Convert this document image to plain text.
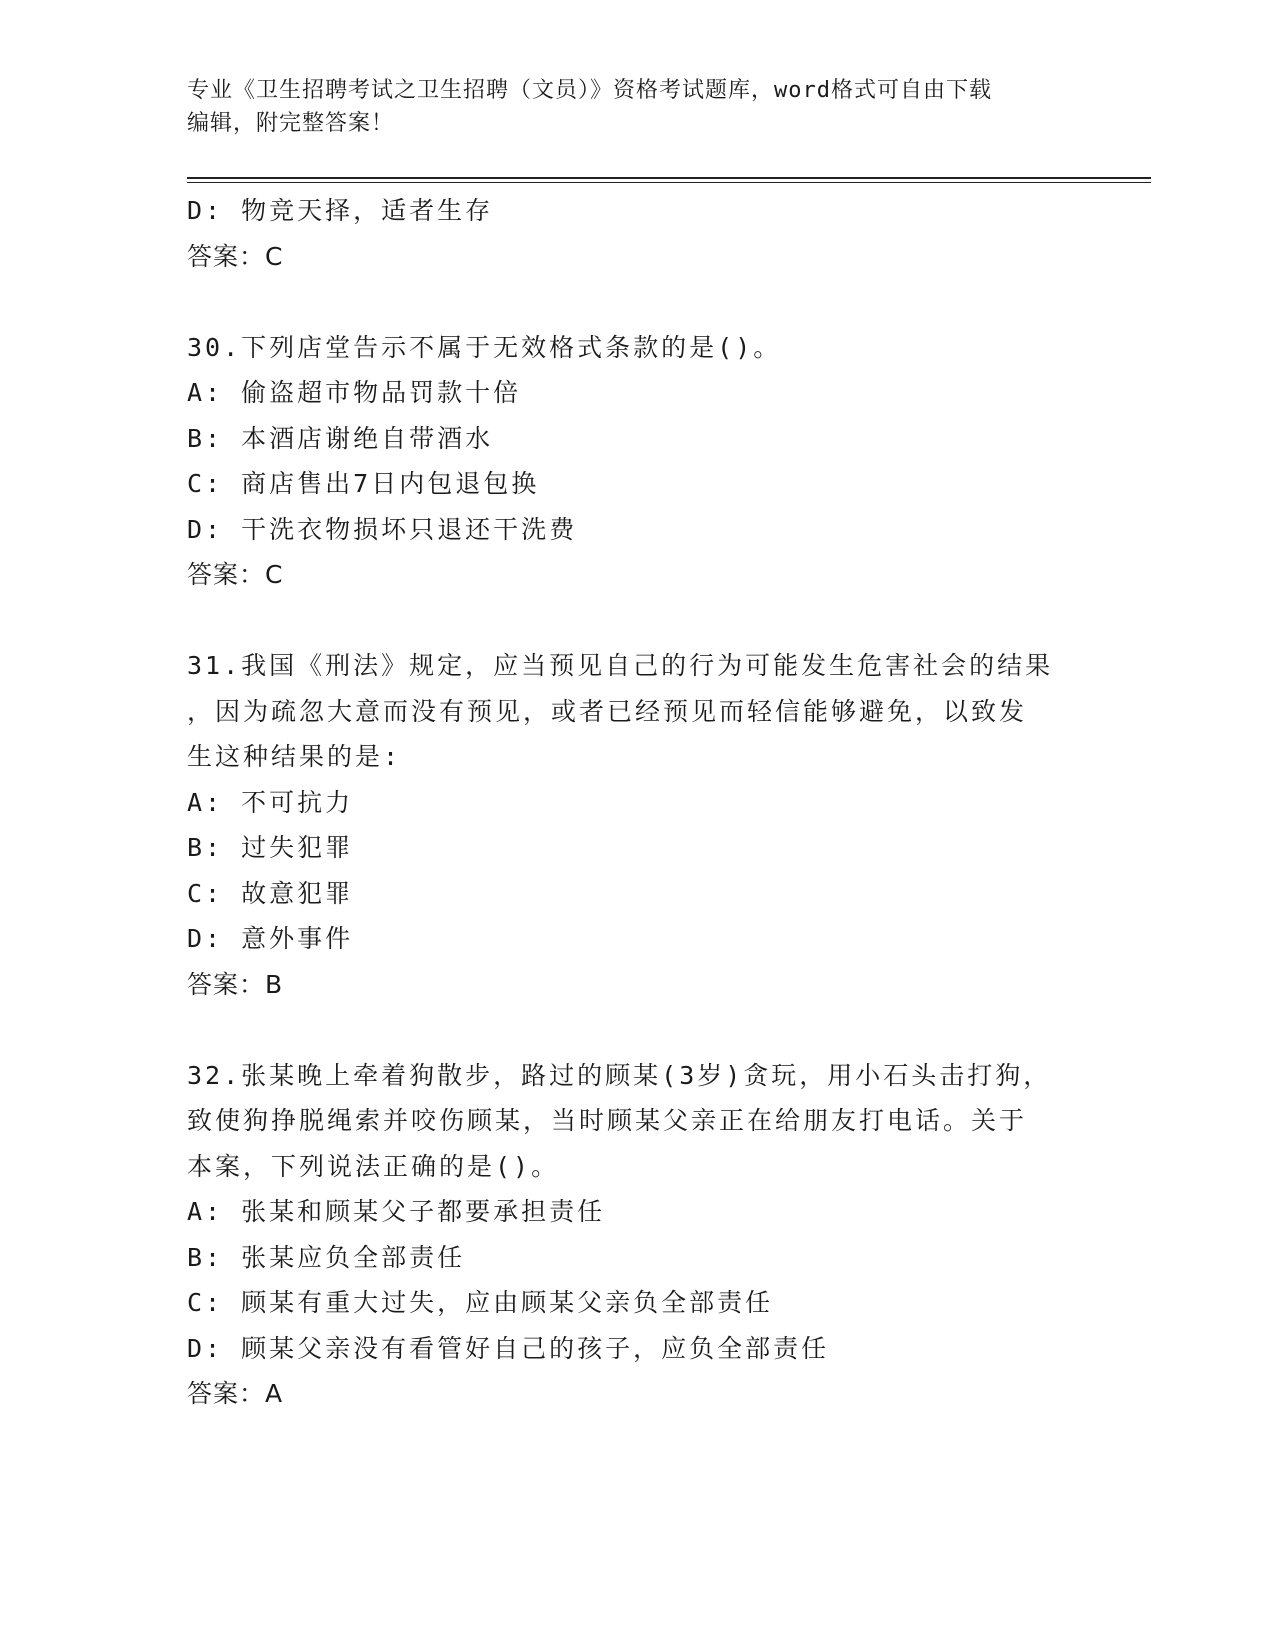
专业《卫生招聘考试之卫生招聘（文员）》资格考试题库，word格式可自由下载
编辑，附完整答案！
D: 物竞天择，适者生存
答案：C
30.下列店堂告示不属于无效格式条款的是()。
A: 偷盗超市物品罚款十倍
B: 本酒店谢绝自带酒水
C: 商店售出7日内包退包换
D: 干洗衣物损坏只退还干洗费
答案：C
31.我国《刑法》规定，应当预见自己的行为可能发生危害社会的结果
，因为疏忽大意而没有预见，或者已经预见而轻信能够避免，以致发
生这种结果的是:
A: 不可抗力
B: 过失犯罪
C: 故意犯罪
D: 意外事件
答案：B
32.张某晚上牵着狗散步，路过的顾某(3岁)贪玩，用小石头击打狗，
致使狗挣脱绳索并咬伤顾某，当时顾某父亲正在给朋友打电话。关于
本案，下列说法正确的是()。
A: 张某和顾某父子都要承担责任
B: 张某应负全部责任
C: 顾某有重大过失，应由顾某父亲负全部责任
D: 顾某父亲没有看管好自己的孩子，应负全部责任
答案：A
